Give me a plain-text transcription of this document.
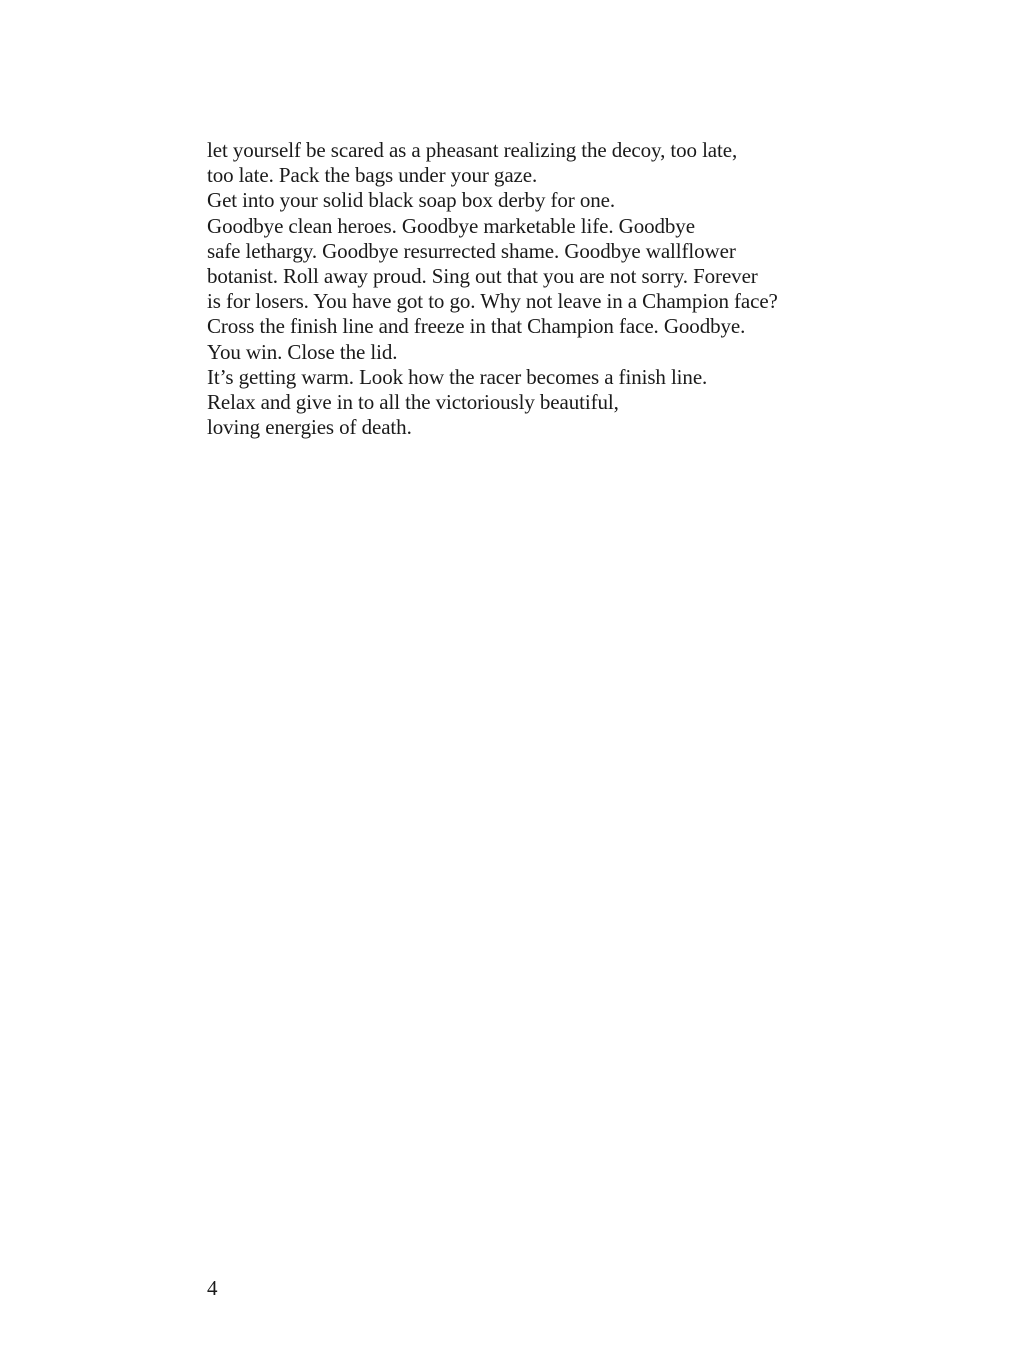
let yourself be scared as a pheasant realizing the decoy, too late,
too late. Pack the bags under your gaze.
Get into your solid black soap box derby for one.
Goodbye clean heroes. Goodbye marketable life. Goodbye
safe lethargy. Goodbye resurrected shame. Goodbye wallflower
botanist. Roll away proud. Sing out that you are not sorry. Forever
is for losers. You have got to go. Why not leave in a Champion face?
Cross the finish line and freeze in that Champion face. Goodbye.
You win. Close the lid.
It’s getting warm. Look how the racer becomes a finish line.
Relax and give in to all the victoriously beautiful,
loving energies of death.
4
